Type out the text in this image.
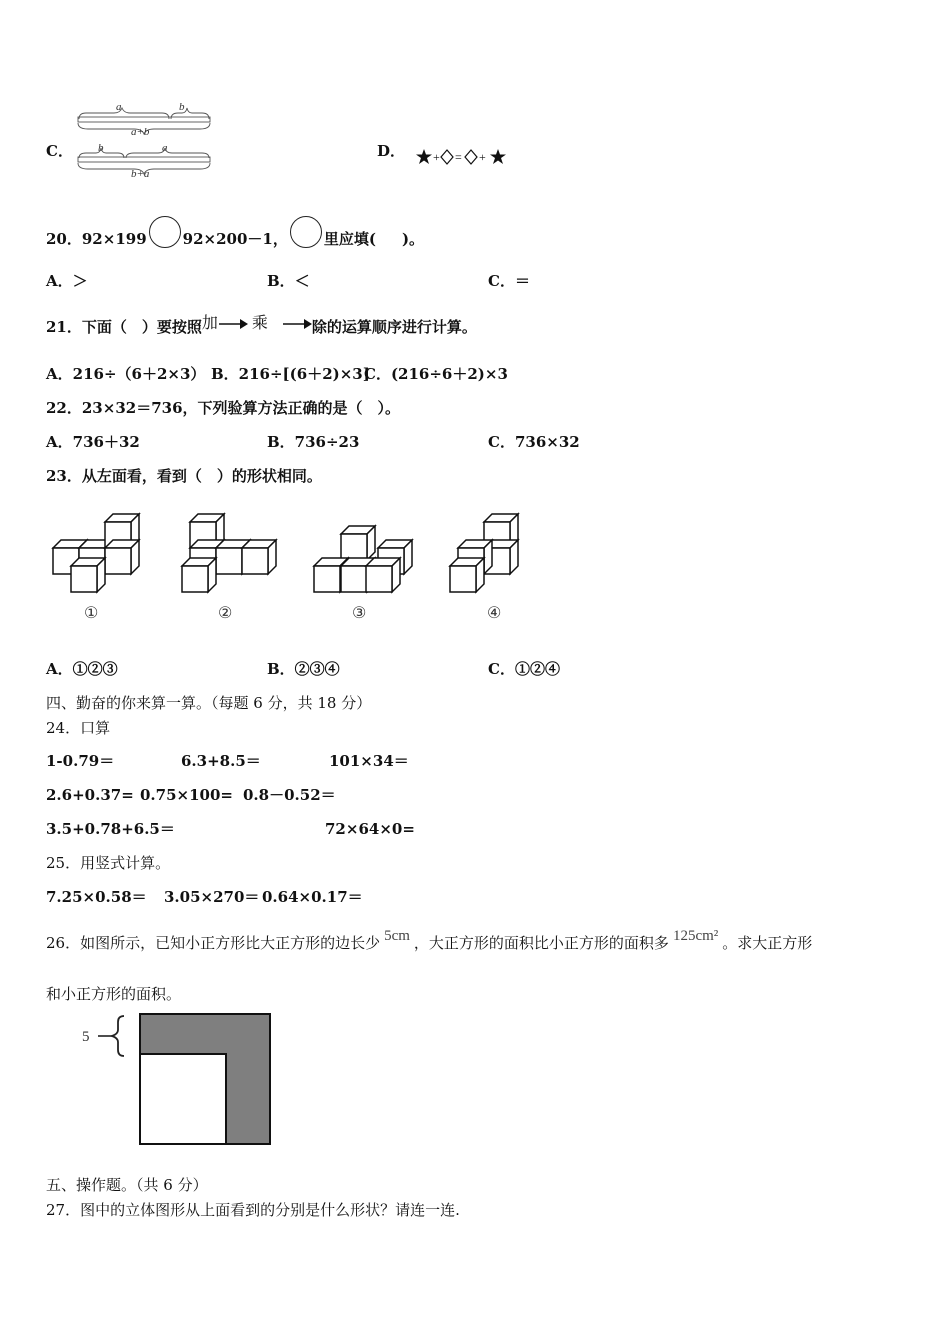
C．
a	b
a+b
b	a
b+a
D． + = +
20．92×199 92×200－1， 里应填( )。
A．＞	B．＜	C．＝
21．下面（　）要按照加 乘	除的运算顺序进行计算。
A．216÷（6＋2×3） B．216÷[(6＋2)×3]
C．(216÷6＋2)×3
22．23×32＝736，下列验算方法正确的是（　）。
A．736＋32	B．736÷23	C．736×32
23．从左面看，看到（　）的形状相同。
①	②	③	④
A．①②③	B．②③④	C．①②④
四、勤奋的你来算一算。（每题 6 分，共 18 分）
24．口算
1-0.79＝	6.3+8.5＝	101×34＝
2.6+0.37= 0.75×100= 0.8－0.52＝
3.5+0.78+6.5＝	72×64×0=
25．用竖式计算。
7.25×0.58＝ 3.05×270＝ 0.64×0.17＝
26．如图所示，已知小正方形比大正方形的边长少 5cm ，大正方形的面积比小正方形的面积多 125cm² 。求大正方形
和小正方形的面积。
5
五、操作题。（共 6 分）
27．图中的立体图形从上面看到的分别是什么形状？请连一连.
